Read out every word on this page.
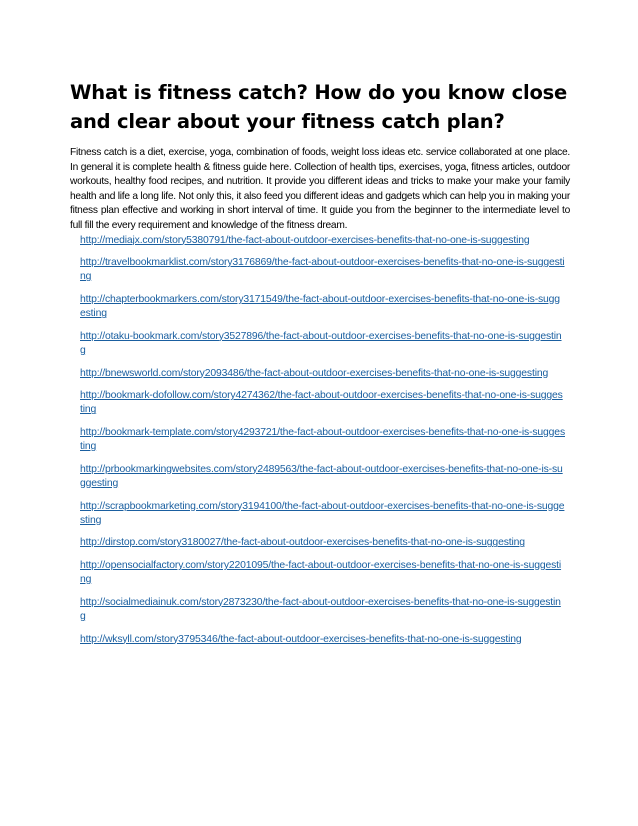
What is fitness catch? How do you know close and clear about your fitness catch plan?

Fitness catch is a diet, exercise, yoga, combination of foods, weight loss ideas etc. service collaborated at one place. In general it is complete health & fitness guide here. Collection of health tips, exercises, yoga, fitness articles, outdoor workouts, healthy food recipes, and nutrition. It provide you different ideas and tricks to make your make your family health and life a long life. Not only this, it also feed you different ideas and gadgets which can help you in making your fitness plan effective and working in short interval of time. It guide you from the beginner to the intermediate level to full fill the every requirement and knowledge of the fitness dream.

http://mediajx.com/story5380791/the-fact-about-outdoor-exercises-benefits-that-no-one-is-suggesting
http://travelbookmarklist.com/story3176869/the-fact-about-outdoor-exercises-benefits-that-no-one-is-suggesting
http://chapterbookmarkers.com/story3171549/the-fact-about-outdoor-exercises-benefits-that-no-one-is-suggesting
http://otaku-bookmark.com/story3527896/the-fact-about-outdoor-exercises-benefits-that-no-one-is-suggesting
http://bnewsworld.com/story2093486/the-fact-about-outdoor-exercises-benefits-that-no-one-is-suggesting
http://bookmark-dofollow.com/story4274362/the-fact-about-outdoor-exercises-benefits-that-no-one-is-suggesting
http://bookmark-template.com/story4293721/the-fact-about-outdoor-exercises-benefits-that-no-one-is-suggesting
http://prbookmarkingwebsites.com/story2489563/the-fact-about-outdoor-exercises-benefits-that-no-one-is-suggesting
http://scrapbookmarketing.com/story3194100/the-fact-about-outdoor-exercises-benefits-that-no-one-is-suggesting
http://dirstop.com/story3180027/the-fact-about-outdoor-exercises-benefits-that-no-one-is-suggesting
http://opensocialfactory.com/story2201095/the-fact-about-outdoor-exercises-benefits-that-no-one-is-suggesting
http://socialmediainuk.com/story2873230/the-fact-about-outdoor-exercises-benefits-that-no-one-is-suggesting
http://wksyll.com/story3795346/the-fact-about-outdoor-exercises-benefits-that-no-one-is-suggesting
